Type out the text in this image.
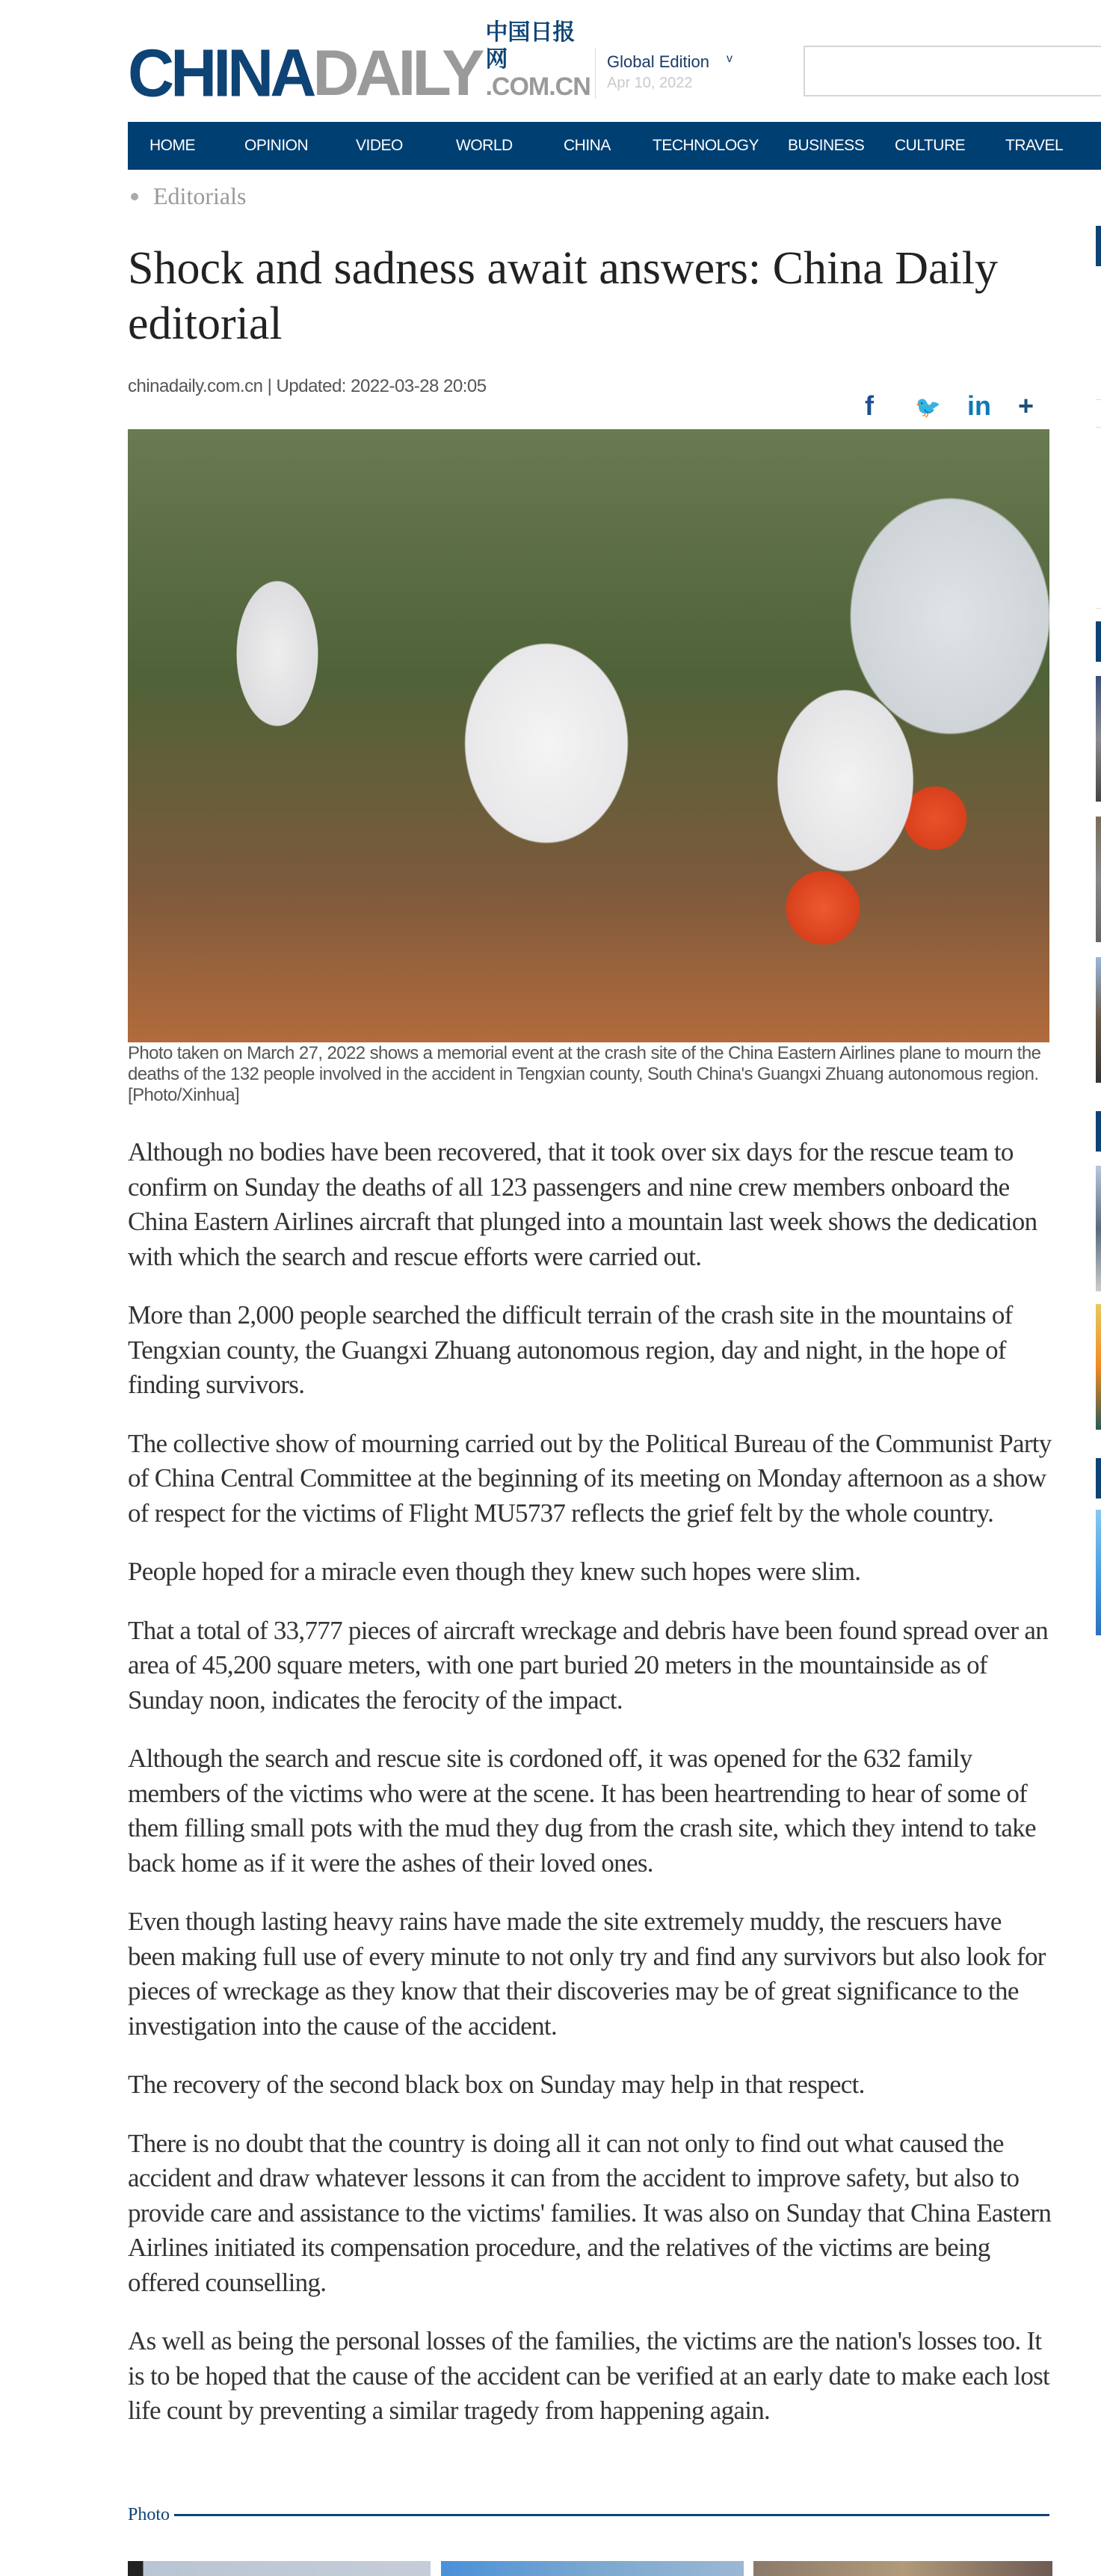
CHINA DAILY
中国日报网
.COM.CN
Global Edition v
Apr 10, 2022
HOME	OPINION	VIDEO	WORLD	CHINA	TECHNOLOGY BUSINESS CULTURE	TRAVEL
Editorials
Shock and sadness await answers: China Daily editorial
chinadaily.com.cn | Updated: 2022-03-28 20:05
f 🐦 in +
Photo taken on March 27, 2022 shows a memorial event at the crash site of the China Eastern Airlines plane to mourn the deaths of the 132 people involved in the accident in Tengxian county, South China's Guangxi Zhuang autonomous region. [Photo/Xinhua]

Although no bodies have been recovered, that it took over six days for the rescue team to confirm on Sunday the deaths of all 123 passengers and nine crew members onboard the China Eastern Airlines aircraft that plunged into a mountain last week shows the dedication with which the search and rescue efforts were carried out.

More than 2,000 people searched the difficult terrain of the crash site in the mountains of Tengxian county, the Guangxi Zhuang autonomous region, day and night, in the hope of finding survivors.

The collective show of mourning carried out by the Political Bureau of the Communist Party of China Central Committee at the beginning of its meeting on Monday afternoon as a show of respect for the victims of Flight MU5737 reflects the grief felt by the whole country.

People hoped for a miracle even though they knew such hopes were slim.

That a total of 33,777 pieces of aircraft wreckage and debris have been found spread over an area of 45,200 square meters, with one part buried 20 meters in the mountainside as of Sunday noon, indicates the ferocity of the impact.

Although the search and rescue site is cordoned off, it was opened for the 632 family members of the victims who were at the scene. It has been heartrending to hear of some of them filling small pots with the mud they dug from the crash site, which they intend to take back home as if it were the ashes of their loved ones.

Even though lasting heavy rains have made the site extremely muddy, the rescuers have been making full use of every minute to not only try and find any survivors but also look for pieces of wreckage as they know that their discoveries may be of great significance to the investigation into the cause of the accident.

The recovery of the second black box on Sunday may help in that respect.

There is no doubt that the country is doing all it can not only to find out what caused the accident and draw whatever lessons it can from the accident to improve safety, but also to provide care and assistance to the victims' families. It was also on Sunday that China Eastern Airlines initiated its compensation procedure, and the relatives of the victims are being offered counselling.

As well as being the personal losses of the families, the victims are the nation's losses too. It is to be hoped that the cause of the accident can be verified at an early date to make each lost life count by preventing a similar tragedy from happening again.

Photo
